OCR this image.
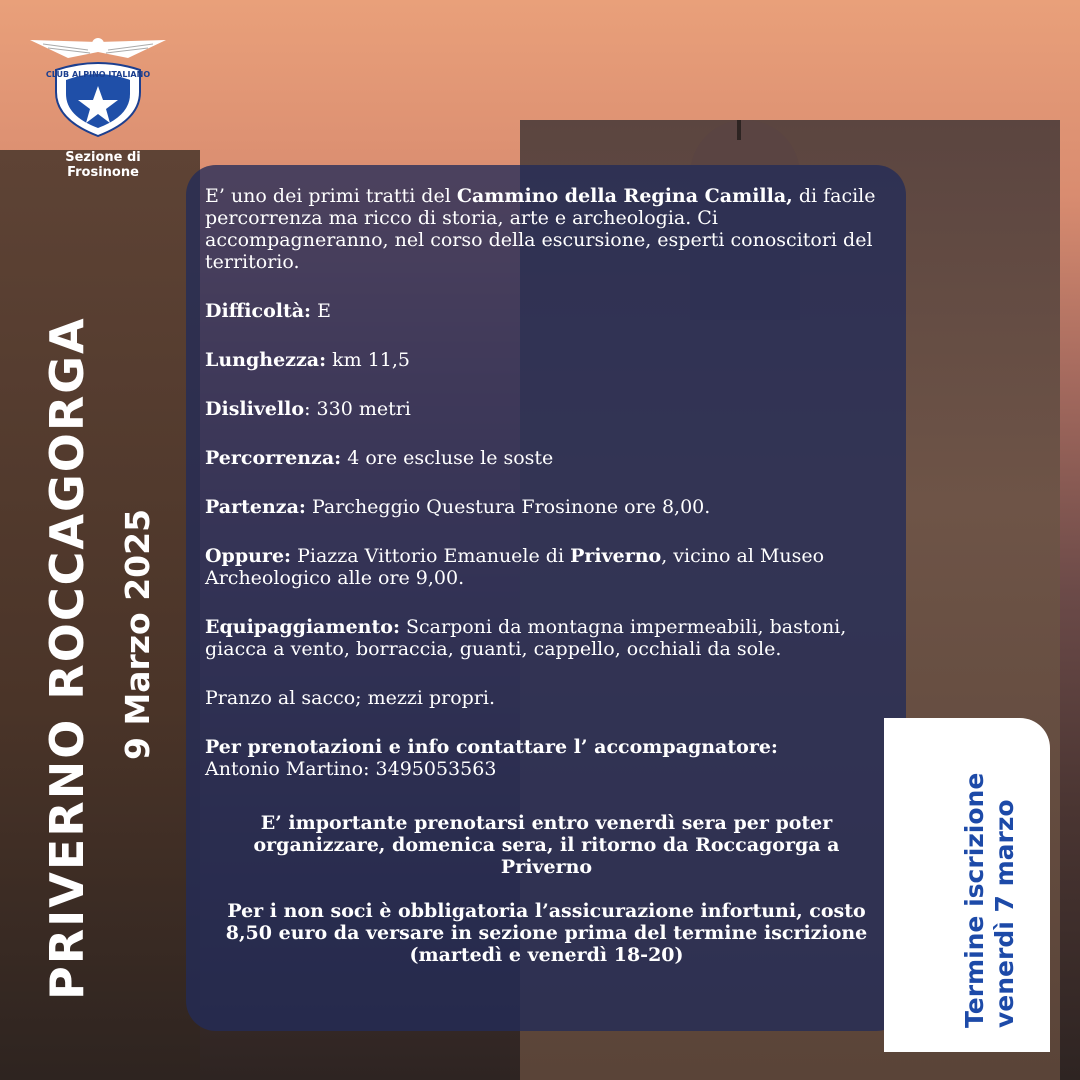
CLUB ALPINO ITALIANO
Sezione di Frosinone
PRIVERNO ROCCAGORGA 9 Marzo 2025

E’ uno dei primi tratti del Cammino della Regina Camilla, di facile percorrenza ma ricco di storia, arte e archeologia. Ci accompagneranno, nel corso della escursione, esperti conoscitori del territorio.

Difficoltà: E

Lunghezza: km 11,5

Dislivello: 330 metri

Percorrenza: 4 ore escluse le soste

Partenza: Parcheggio Questura Frosinone ore 8,00.

Oppure: Piazza Vittorio Emanuele di Priverno, vicino al Museo Archeologico alle ore 9,00.

Equipaggiamento: Scarponi da montagna impermeabili, bastoni, giacca a vento, borraccia, guanti, cappello, occhiali da sole.

Pranzo al sacco; mezzi propri.

Per prenotazioni e info contattare l’ accompagnatore:
Antonio Martino: 3495053563

E’ importante prenotarsi entro venerdì sera per poter organizzare, domenica sera, il ritorno da Roccagorga a Priverno

Per i non soci è obbligatoria l’assicurazione infortuni, costo 8,50 euro da versare in sezione prima del termine iscrizione (martedì e venerdì 18-20)	Termine iscrizione
venerdì 7 marzo
